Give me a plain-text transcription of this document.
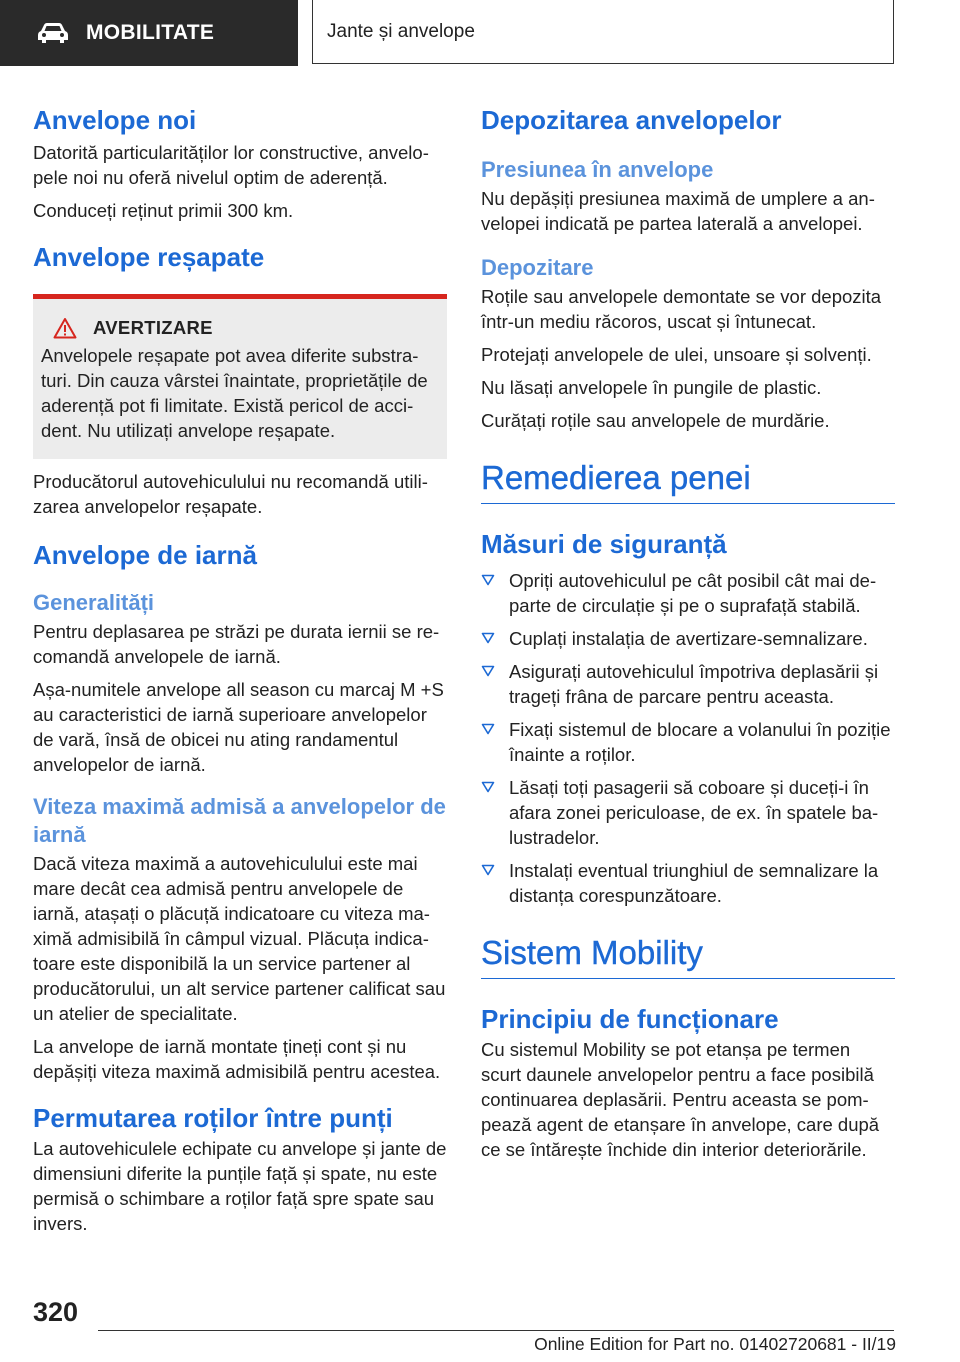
MOBILITATE	Jante și anvelope
Anvelope noi

Datorită particularităților lor constructive, anvelopele noi nu oferă nivelul optim de aderență.

Conduceți reținut primii 300 km.

Anvelope reșapate
AVERTIZARE

Anvelopele reșapate pot avea diferite substraturi. Din cauza vârstei înaintate, proprietățile de aderență pot fi limitate. Există pericol de accident. Nu utilizați anvelope reșapate.

Producătorul autovehiculului nu recomandă utilizarea anvelopelor reșapate.

Anvelope de iarnă
Generalități

Pentru deplasarea pe străzi pe durata iernii se recomandă anvelopele de iarnă.

Așa-numitele anvelope all season cu marcaj M +S au caracteristici de iarnă superioare anvelopelor de vară, însă de obicei nu ating randamentul anvelopelor de iarnă.

Viteza maximă admisă a anvelopelor de iarnă

Dacă viteza maximă a autovehiculului este mai mare decât cea admisă pentru anvelopele de iarnă, atașați o plăcuță indicatoare cu viteza maximă admisibilă în câmpul vizual. Plăcuța indicatoare este disponibilă la un service partener al producătorului, un alt service partener calificat sau un atelier de specialitate.

La anvelope de iarnă montate țineți cont și nu depășiți viteza maximă admisibilă pentru acestea.

Permutarea roților între punți

La autovehiculele echipate cu anvelope și jante de dimensiuni diferite la punțile față și spate, nu este permisă o schimbare a roților față spre spate sau invers.

Depozitarea anvelopelor
Presiunea în anvelope

Nu depășiți presiunea maximă de umplere a anvelopei indicată pe partea laterală a anvelopei.

Depozitare

Roțile sau anvelopele demontate se vor depozita într-un mediu răcoros, uscat și întunecat.

Protejați anvelopele de ulei, unsoare și solvenți.

Nu lăsați anvelopele în pungile de plastic.

Curățați roțile sau anvelopele de murdărie.

Remedierea penei
Măsuri de siguranță
Opriți autovehiculul pe cât posibil cât mai departe de circulație și pe o suprafață stabilă.
Cuplați instalația de avertizare-semnalizare.
Asigurați autovehiculul împotriva deplasării și trageți frâna de parcare pentru aceasta.
Fixați sistemul de blocare a volanului în poziție înainte a roților.
Lăsați toți pasagerii să coboare și duceți-i în afara zonei periculoase, de ex. în spatele balustradelor.
Instalați eventual triunghiul de semnalizare la distanța corespunzătoare.
Sistem Mobility
Principiu de funcționare

Cu sistemul Mobility se pot etanșa pe termen scurt daunele anvelopelor pentru a face posibilă continuarea deplasării. Pentru aceasta se pompează agent de etanșare în anvelope, care după ce se întărește închide din interior deteriorările.

320
Online Edition for Part no. 01402720681 - II/19
